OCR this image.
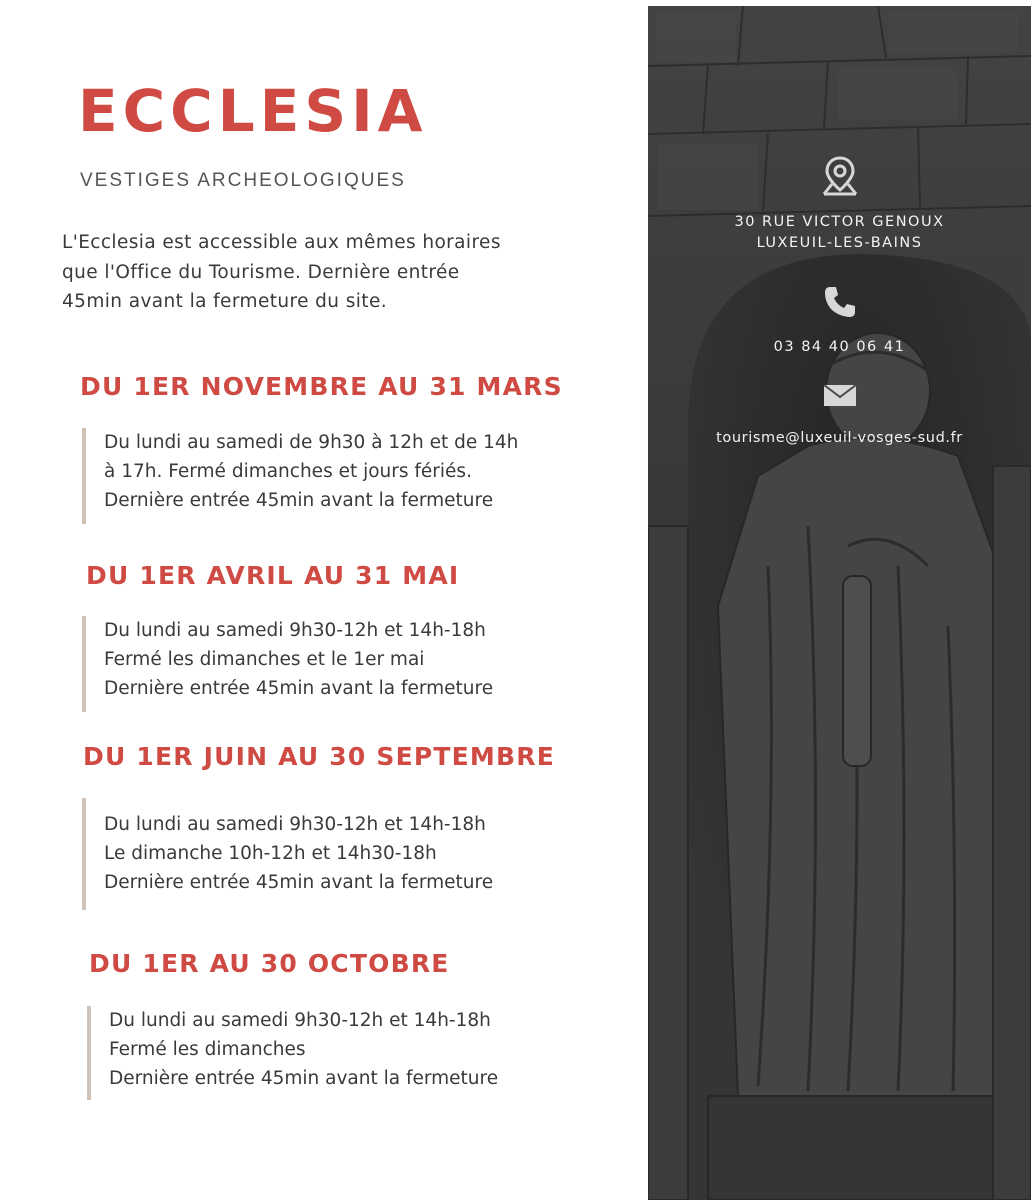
ECCLESIA
VESTIGES ARCHEOLOGIQUES
L'Ecclesia est accessible aux mêmes horaires
que l'Office du Tourisme. Dernière entrée
45min avant la fermeture du site.
DU 1ER NOVEMBRE AU 31 MARS
Du lundi au samedi de 9h30 à 12h et de 14h
à 17h. Fermé dimanches et jours fériés.
Dernière entrée 45min avant la fermeture
DU 1ER AVRIL AU 31 MAI
Du lundi au samedi 9h30-12h et 14h-18h
Fermé les dimanches et le 1er mai
Dernière entrée 45min avant la fermeture
DU 1ER JUIN AU 30 SEPTEMBRE
Du lundi au samedi 9h30-12h et 14h-18h
Le dimanche 10h-12h et 14h30-18h
Dernière entrée 45min avant la fermeture
DU 1ER AU 30 OCTOBRE
Du lundi au samedi 9h30-12h et 14h-18h
Fermé les dimanches
Dernière entrée 45min avant la fermeture
30 RUE VICTOR GENOUX
LUXEUIL-LES-BAINS
03 84 40 06 41
tourisme@luxeuil-vosges-sud.fr
